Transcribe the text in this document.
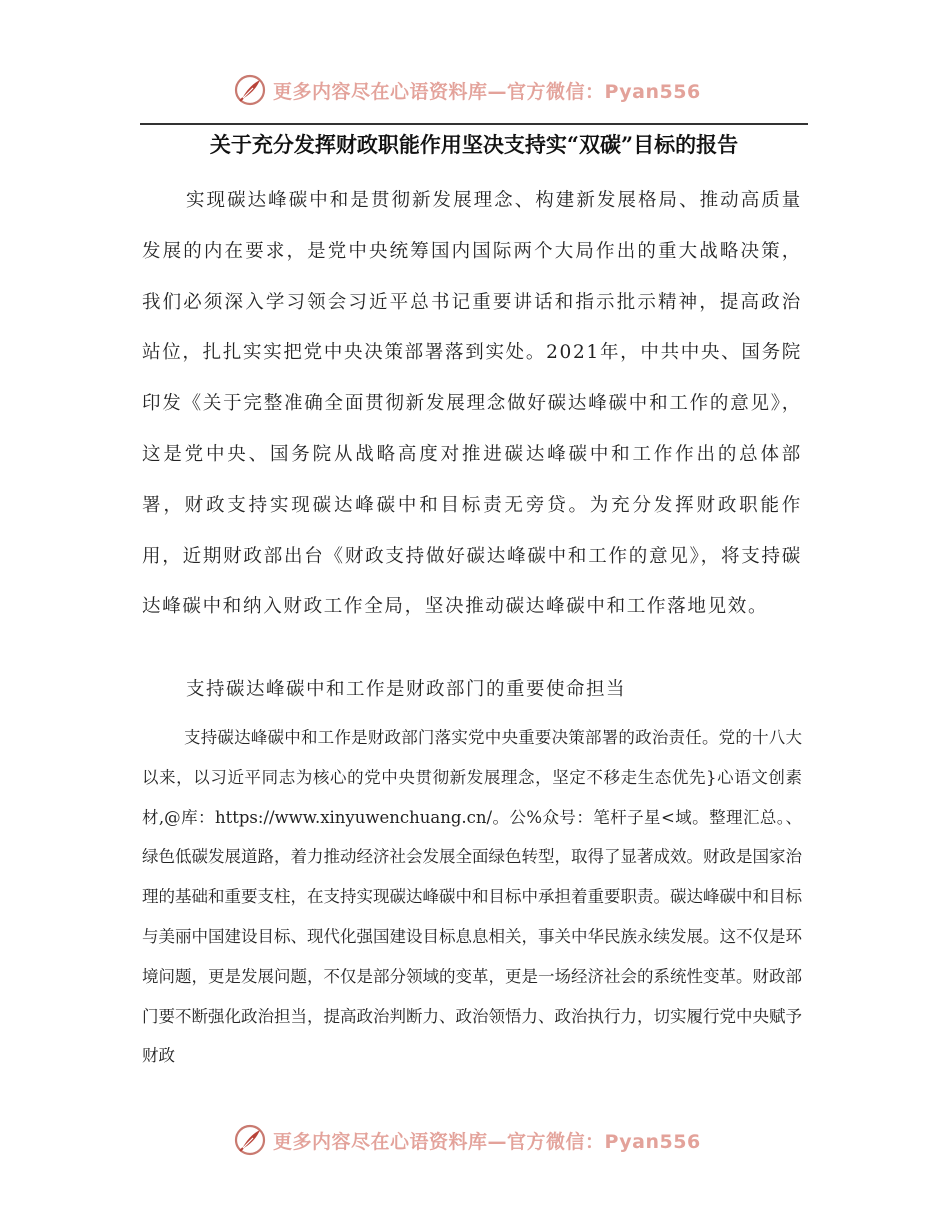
更多内容尽在心语资料库—官方微信：Pyan556
关于充分发挥财政职能作用坚决支持实“双碳”目标的报告

实现碳达峰碳中和是贯彻新发展理念、构建新发展格局、推动高质量发展的内在要求，是党中央统筹国内国际两个大局作出的重大战略决策，我们必须深入学习领会习近平总书记重要讲话和指示批示精神，提高政治站位，扎扎实实把党中央决策部署落到实处。2021年，中共中央、国务院印发《关于完整准确全面贯彻新发展理念做好碳达峰碳中和工作的意见》，这是党中央、国务院从战略高度对推进碳达峰碳中和工作作出的总体部署，财政支持实现碳达峰碳中和目标责无旁贷。为充分发挥财政职能作用，近期财政部出台《财政支持做好碳达峰碳中和工作的意见》，将支持碳达峰碳中和纳入财政工作全局，坚决推动碳达峰碳中和工作落地见效。

支持碳达峰碳中和工作是财政部门的重要使命担当

支持碳达峰碳中和工作是财政部门落实党中央重要决策部署的政治责任。党的十八大以来，以习近平同志为核心的党中央贯彻新发展理念，坚定不移走生态优先}心语文创素材,@库：https://www.xinyuwenchuang.cn/。公%众号：笔杆子星<域。整理汇总。、绿色低碳发展道路，着力推动经济社会发展全面绿色转型，取得了显著成效。财政是国家治理的基础和重要支柱，在支持实现碳达峰碳中和目标中承担着重要职责。碳达峰碳中和目标与美丽中国建设目标、现代化强国建设目标息息相关，事关中华民族永续发展。这不仅是环境问题，更是发展问题，不仅是部分领域的变革，更是一场经济社会的系统性变革。财政部门要不断强化政治担当，提高政治判断力、政治领悟力、政治执行力，切实履行党中央赋予财政

更多内容尽在心语资料库—官方微信：Pyan556
